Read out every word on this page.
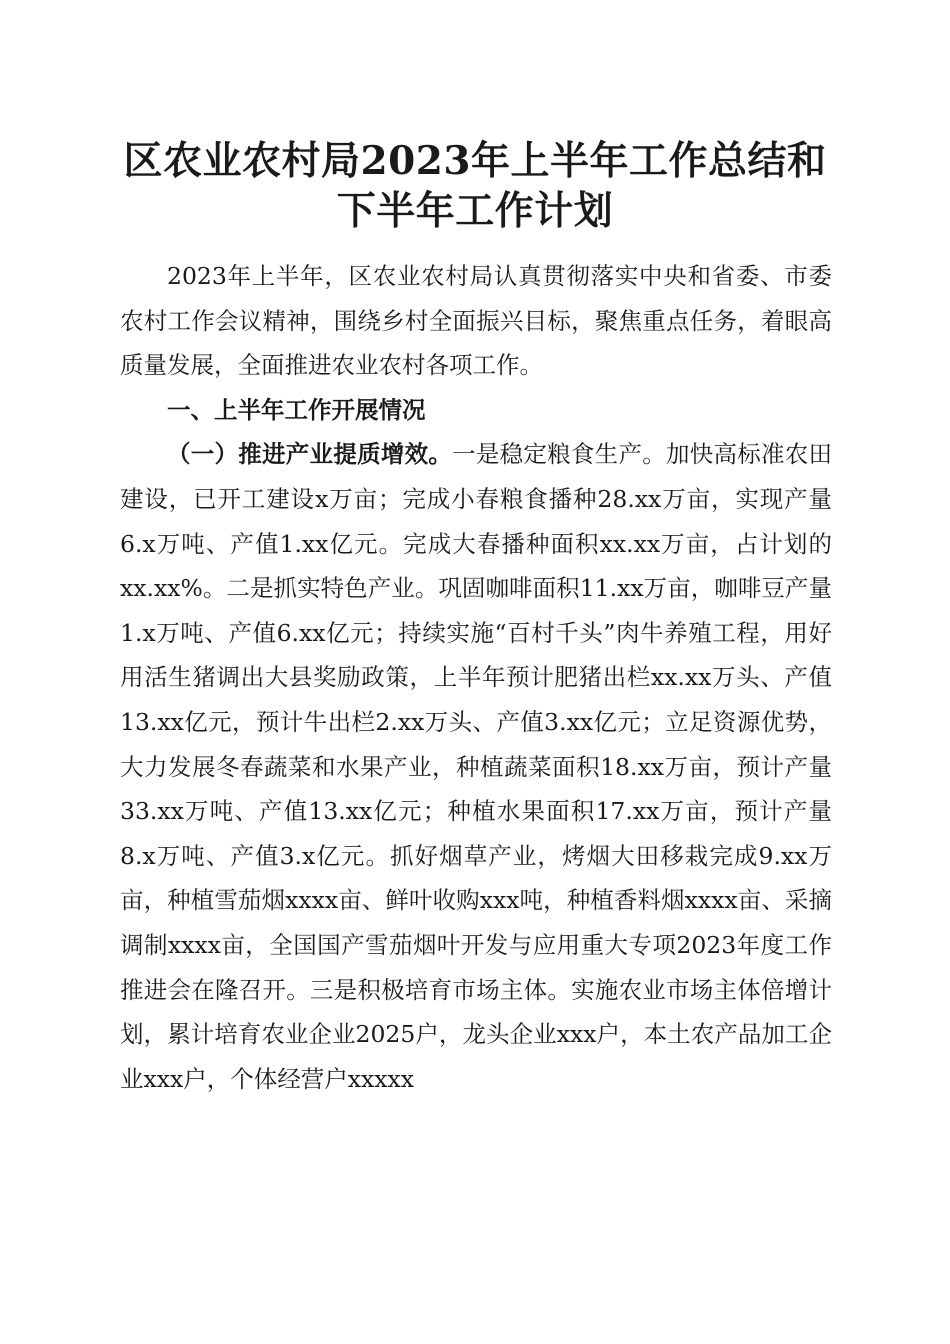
区农业农村局2023年上半年工作总结和下半年工作计划

2023年上半年，区农业农村局认真贯彻落实中央和省委、市委农村工作会议精神，围绕乡村全面振兴目标，聚焦重点任务，着眼高质量发展，全面推进农业农村各项工作。

一、上半年工作开展情况

（一）推进产业提质增效。一是稳定粮食生产。加快高标准农田建设，已开工建设x万亩；完成小春粮食播种28.xx万亩，实现产量6.x万吨、产值1.xx亿元。完成大春播种面积xx.xx万亩，占计划的xx.xx%。二是抓实特色产业。巩固咖啡面积11.xx万亩，咖啡豆产量1.x万吨、产值6.xx亿元；持续实施“百村千头”肉牛养殖工程，用好用活生猪调出大县奖励政策，上半年预计肥猪出栏xx.xx万头、产值13.xx亿元，预计牛出栏2.xx万头、产值3.xx亿元；立足资源优势，大力发展冬春蔬菜和水果产业，种植蔬菜面积18.xx万亩，预计产量33.xx万吨、产值13.xx亿元；种植水果面积17.xx万亩，预计产量8.x万吨、产值3.x亿元。抓好烟草产业，烤烟大田移栽完成9.xx万亩，种植雪茄烟xxxx亩、鲜叶收购xxx吨，种植香料烟xxxx亩、采摘调制xxxx亩，全国国产雪茄烟叶开发与应用重大专项2023年度工作推进会在隆召开。三是积极培育市场主体。实施农业市场主体倍增计划，累计培育农业企业2025户，龙头企业xxx户，本土农产品加工企业xxx户，个体经营户xxxxx
